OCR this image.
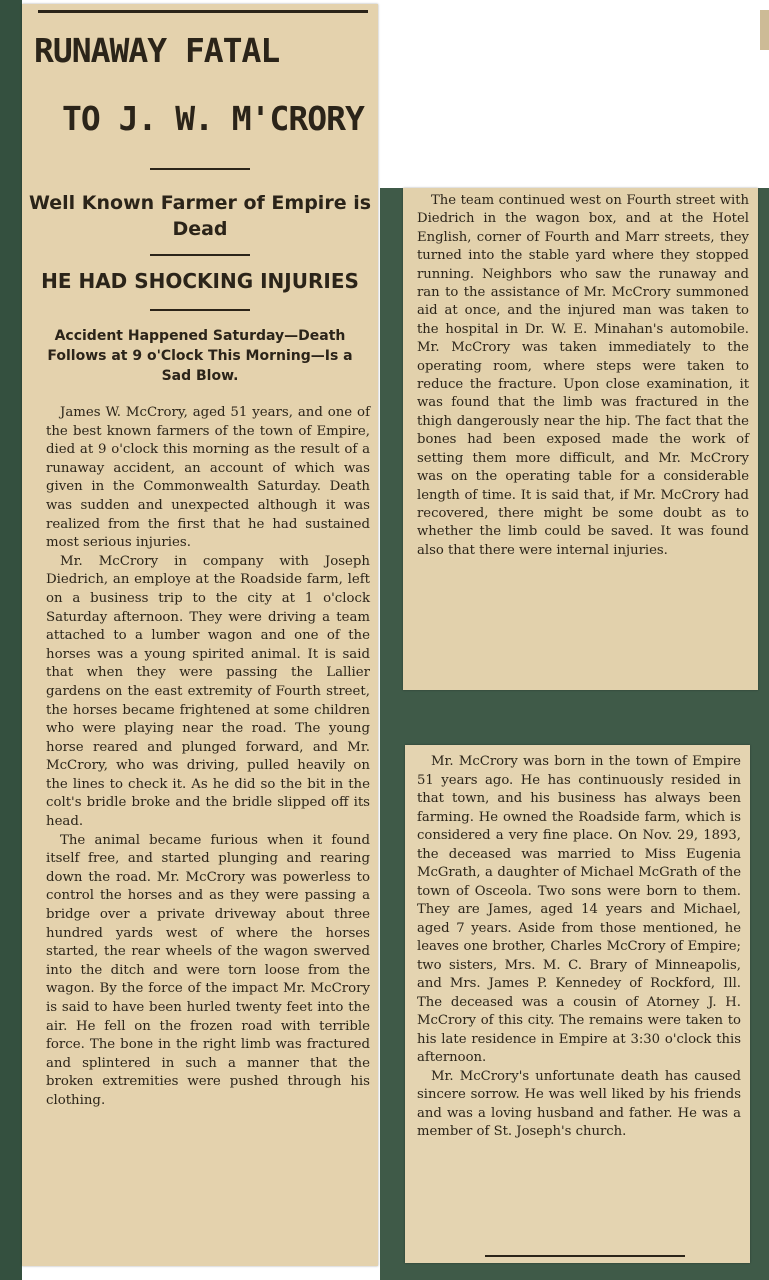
RUNAWAY FATAL
TO J. W. M'CRORY
Well Known Farmer of Empire is Dead
HE HAD SHOCKING INJURIES
Accident Happened Saturday—Death Follows at 9 o'Clock This Morning—Is a Sad Blow.

James W. McCrory, aged 51 years, and one of the best known farmers of the town of Empire, died at 9 o'clock this morning as the result of a runaway accident, an account of which was given in the Commonwealth Saturday. Death was sudden and unexpected although it was realized from the first that he had sustained most serious injuries.

Mr. McCrory in company with Joseph Diedrich, an employe at the Roadside farm, left on a business trip to the city at 1 o'clock Saturday afternoon. They were driving a team attached to a lumber wagon and one of the horses was a young spirited animal. It is said that when they were passing the Lallier gardens on the east extremity of Fourth street, the horses became frightened at some children who were playing near the road. The young horse reared and plunged forward, and Mr. McCrory, who was driving, pulled heavily on the lines to check it. As he did so the bit in the colt's bridle broke and the bridle slipped off its head.

The animal became furious when it found itself free, and started plunging and rearing down the road. Mr. McCrory was powerless to control the horses and as they were passing a bridge over a private driveway about three hundred yards west of where the horses started, the rear wheels of the wagon swerved into the ditch and were torn loose from the wagon. By the force of the impact Mr. McCrory is said to have been hurled twenty feet into the air. He fell on the frozen road with terrible force. The bone in the right limb was fractured and splintered in such a manner that the broken extremities were pushed through his clothing.

The team continued west on Fourth street with Diedrich in the wagon box, and at the Hotel English, corner of Fourth and Marr streets, they turned into the stable yard where they stopped running. Neighbors who saw the runaway and ran to the assistance of Mr. McCrory summoned aid at once, and the injured man was taken to the hospital in Dr. W. E. Minahan's automobile. Mr. McCrory was taken immediately to the operating room, where steps were taken to reduce the fracture. Upon close examination, it was found that the limb was fractured in the thigh dangerously near the hip. The fact that the bones had been exposed made the work of setting them more difficult, and Mr. McCrory was on the operating table for a considerable length of time. It is said that, if Mr. McCrory had recovered, there might be some doubt as to whether the limb could be saved. It was found also that there were internal injuries.

Mr. McCrory was born in the town of Empire 51 years ago. He has continuously resided in that town, and his business has always been farming. He owned the Roadside farm, which is considered a very fine place. On Nov. 29, 1893, the deceased was married to Miss Eugenia McGrath, a daughter of Michael McGrath of the town of Osceola. Two sons were born to them. They are James, aged 14 years and Michael, aged 7 years. Aside from those mentioned, he leaves one brother, Charles McCrory of Empire; two sisters, Mrs. M. C. Brary of Minneapolis, and Mrs. James P. Kennedey of Rockford, Ill. The deceased was a cousin of Atorney J. H. McCrory of this city. The remains were taken to his late residence in Empire at 3:30 o'clock this afternoon.

Mr. McCrory's unfortunate death has caused sincere sorrow. He was well liked by his friends and was a loving husband and father. He was a member of St. Joseph's church.
